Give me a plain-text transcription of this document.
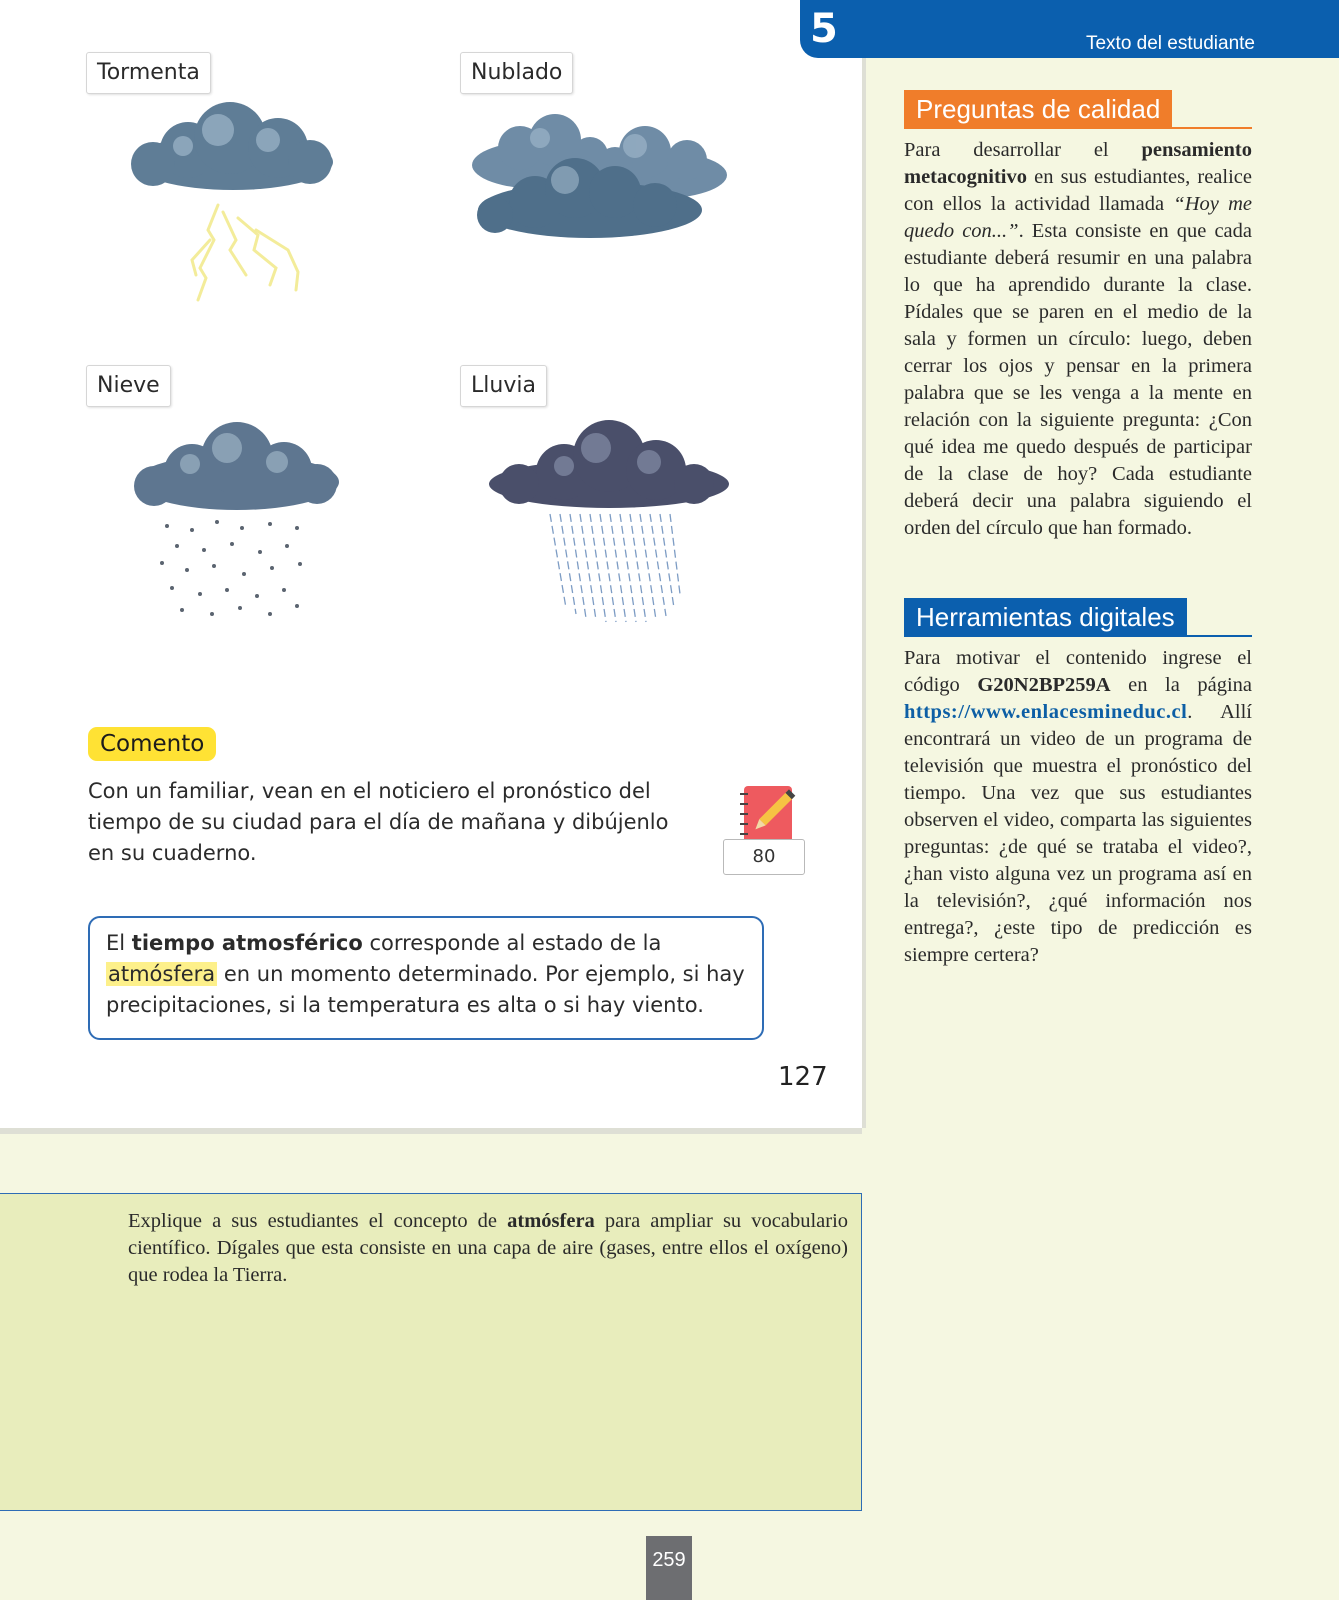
Tormenta	Nublado
Nieve	Lluvia
Comento
Con un familiar, vean en el noticiero el pronóstico del tiempo de su ciudad para el día de mañana y dibújenlo en su cuaderno.	80
El tiempo atmosférico corresponde al estado de la atmósfera en un momento determinado. Por ejemplo, si hay precipitaciones, si la temperatura es alta o si hay viento.
127
5	Texto del estudiante
Preguntas de calidad
Para desarrollar el pensamiento metacognitivo en sus estudiantes, realice con ellos la actividad llamada “Hoy me quedo con...”. Esta consiste en que cada estudiante deberá resumir en una palabra lo que ha aprendido durante la clase. Pídales que se paren en el medio de la sala y formen un círculo: luego, deben cerrar los ojos y pensar en la primera palabra que se les venga a la mente en relación con la siguiente pregunta: ¿Con qué idea me quedo después de participar de la clase de hoy? Cada estudiante deberá decir una palabra siguiendo el orden del círculo que han formado.
Herramientas digitales
Para motivar el contenido ingrese el código G20N2BP259A en la página https://www.enlacesmineduc.cl. Allí encontrará un video de un programa de televisión que muestra el pronóstico del tiempo. Una vez que sus estudiantes observen el video, comparta las siguientes preguntas: ¿de qué se trataba el video?, ¿han visto alguna vez un programa así en la televisión?, ¿qué información nos entrega?, ¿este tipo de predicción es siempre certera?
Explique a sus estudiantes el concepto de atmósfera para ampliar su vocabulario científico. Dígales que esta consiste en una capa de aire (gases, entre ellos el oxígeno) que rodea la Tierra.
259
